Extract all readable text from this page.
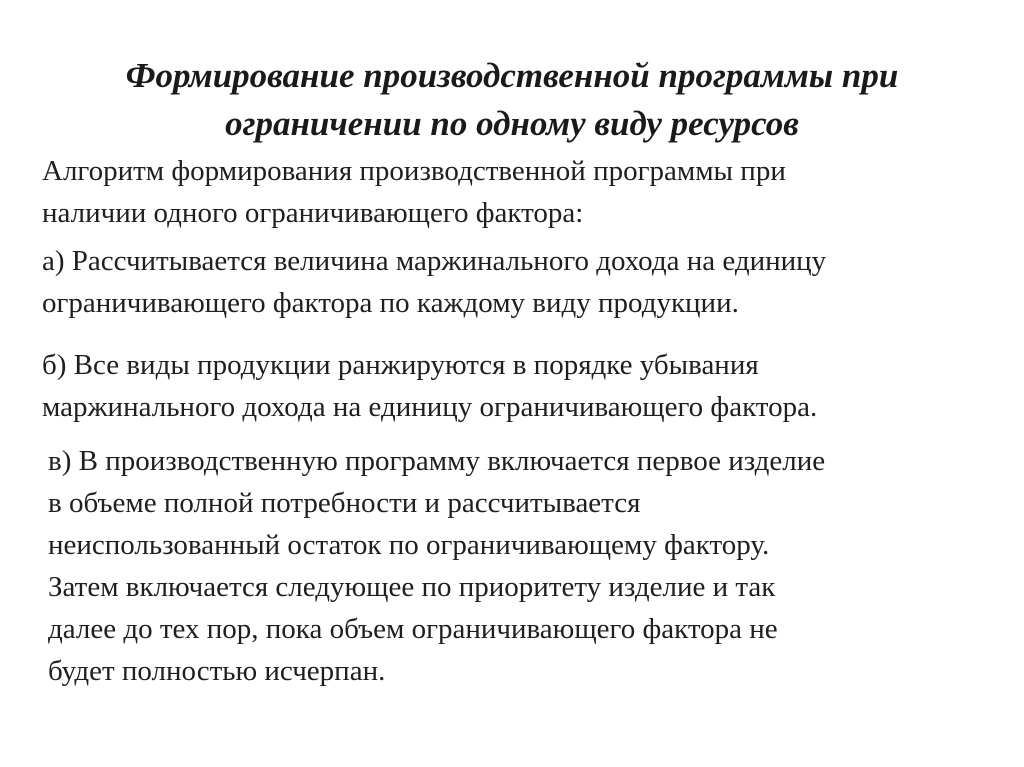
Формирование производственной программы при
ограничении по одному виду ресурсов

Алгоритм формирования производственной программы при
наличии одного ограничивающего фактора:

а) Рассчитывается величина маржинального дохода на единицу
ограничивающего фактора по каждому виду продукции.

б) Все виды продукции ранжируются в порядке убывания
маржинального дохода на единицу ограничивающего фактора.

в) В производственную программу включается первое изделие
в объеме полной потребности и рассчитывается
неиспользованный остаток по ограничивающему фактору.
Затем включается следующее по приоритету изделие и так
далее до тех пор, пока объем ограничивающего фактора не
будет полностью исчерпан.
